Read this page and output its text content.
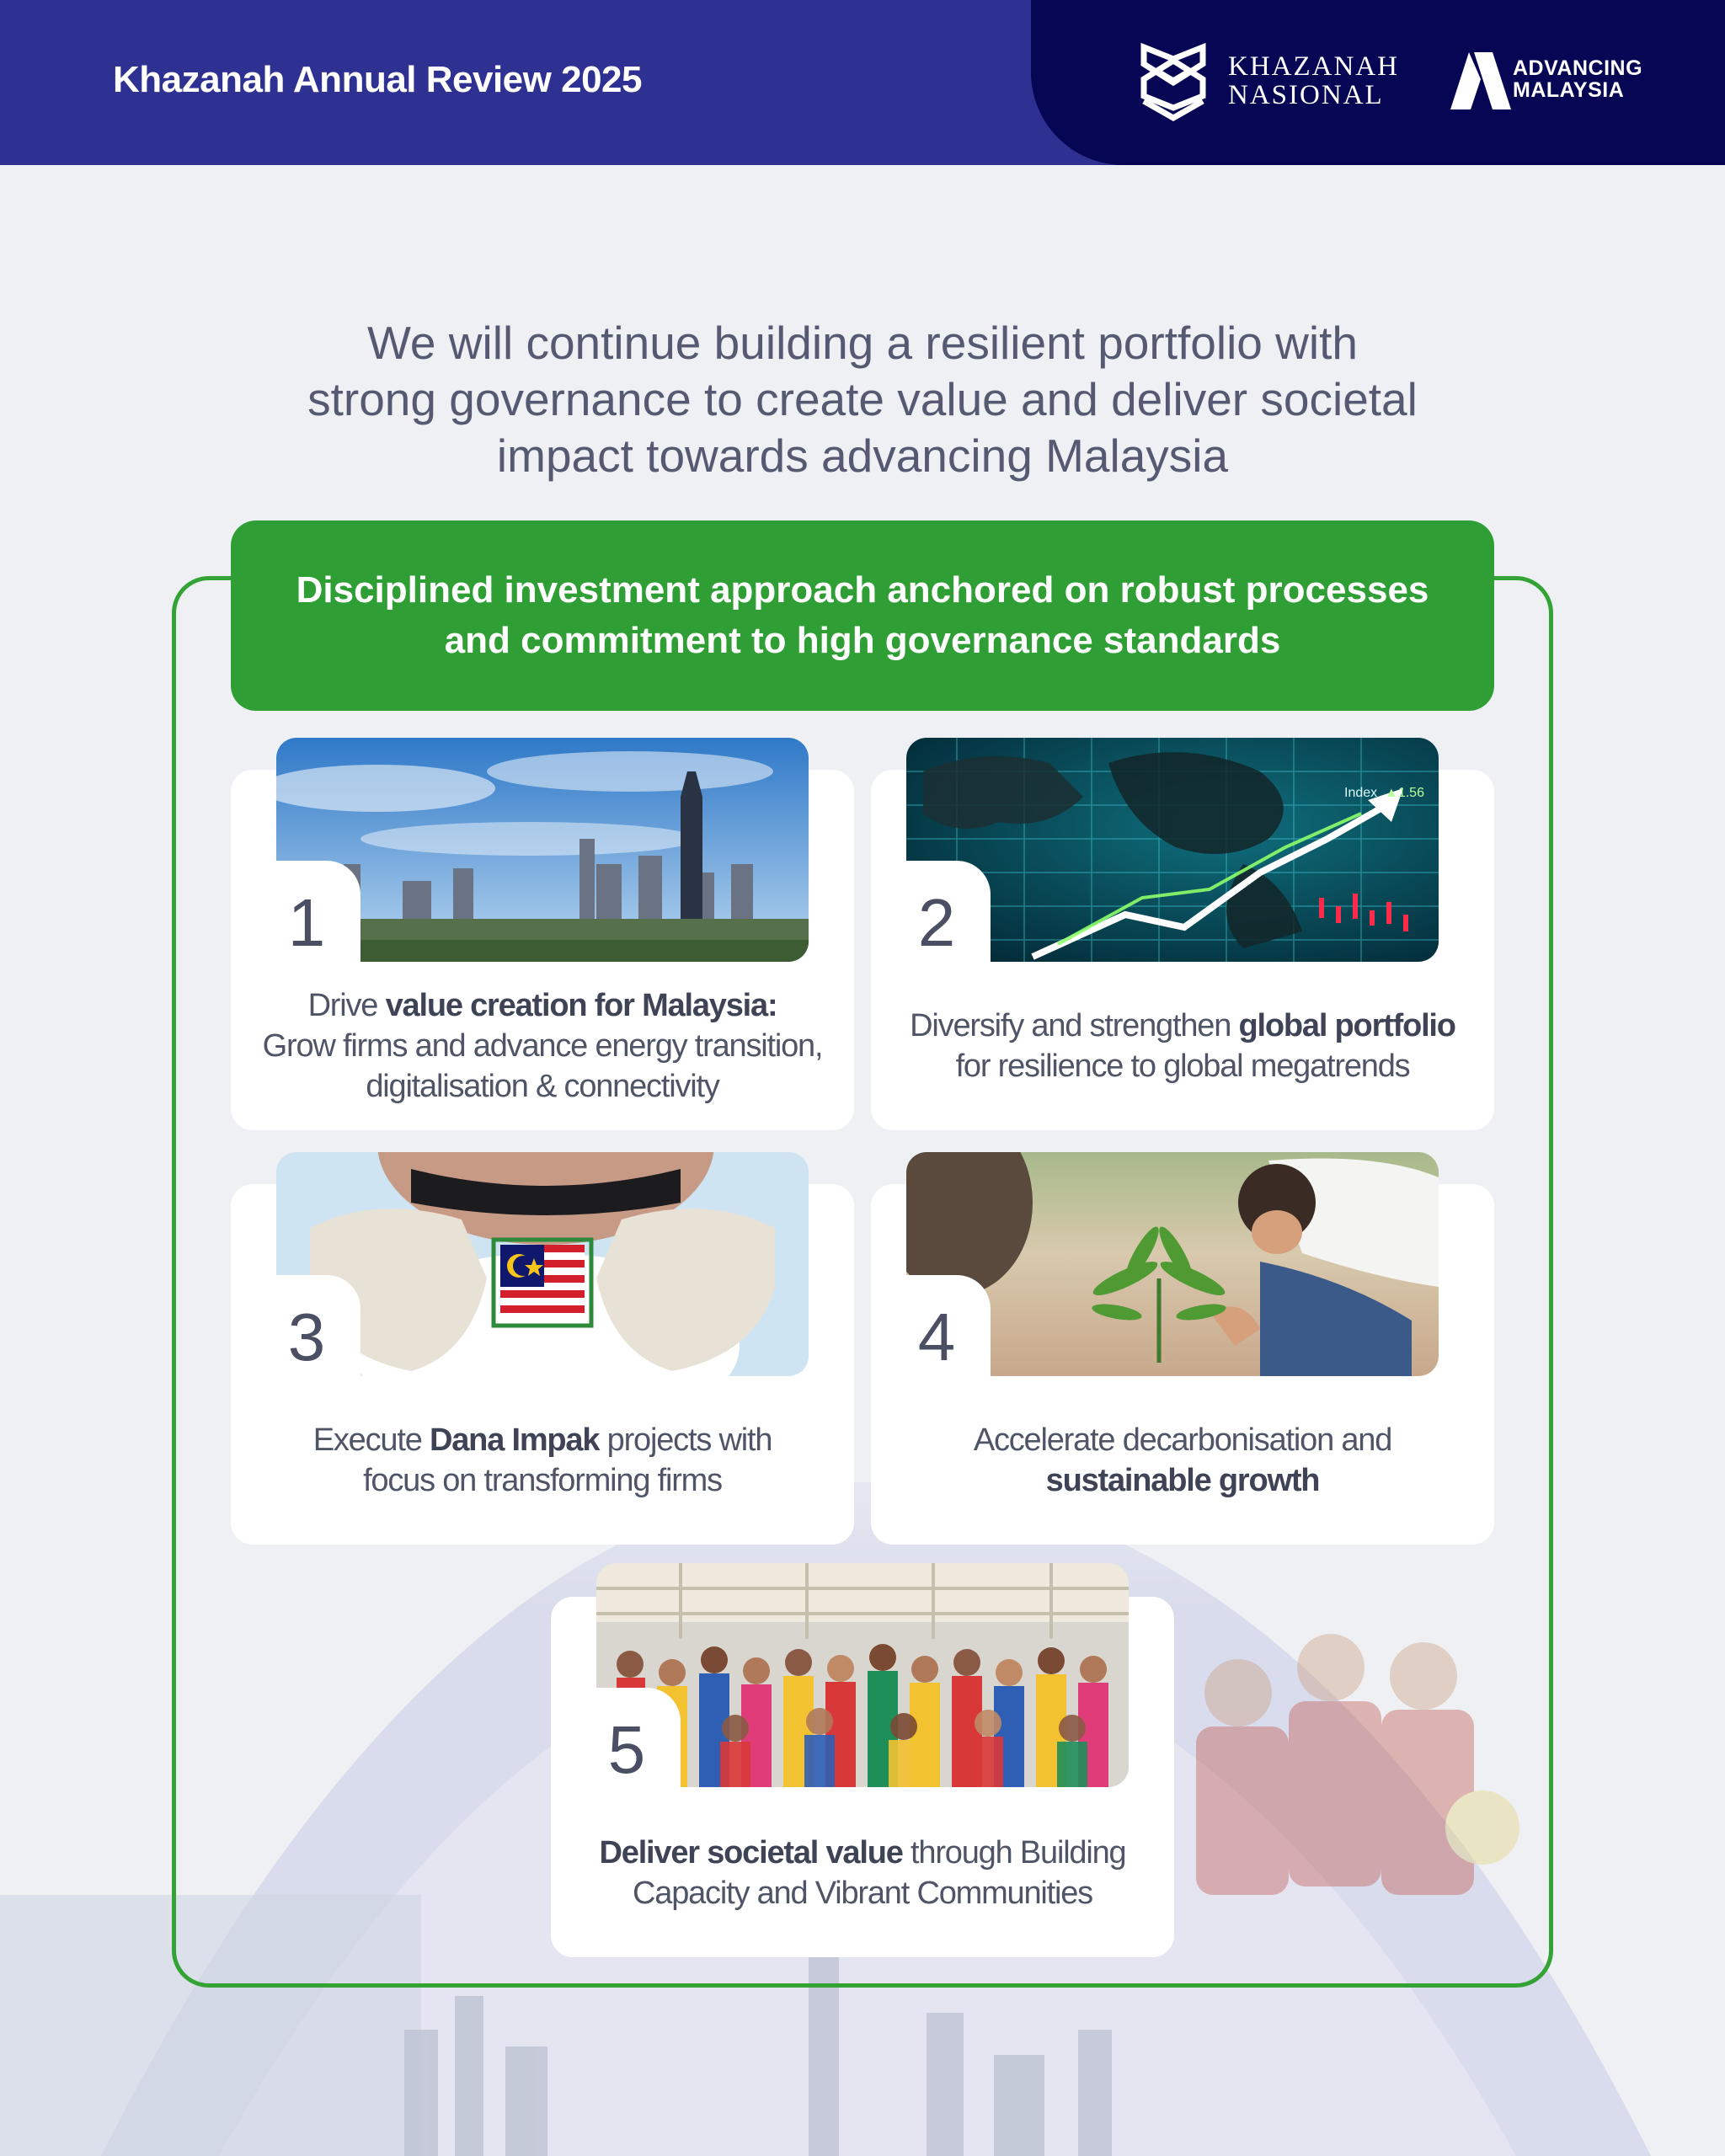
Khazanah Annual Review 2025	KHAZANAH
NASIONAL
ADVANCING
MALAYSIA
We will continue building a resilient portfolio with
strong governance to create value and deliver societal
impact towards advancing Malaysia
Disciplined investment approach anchored on robust processes
and commitment to high governance standards
1
Drive value creation for Malaysia:
Grow firms and advance energy transition,
digitalisation & connectivity
Index ▲1.56
2
Diversify and strengthen global portfolio
for resilience to global megatrends
3
Execute Dana Impak projects with
focus on transforming firms
4
Accelerate decarbonisation and
sustainable growth
5
Deliver societal value through Building
Capacity and Vibrant Communities
